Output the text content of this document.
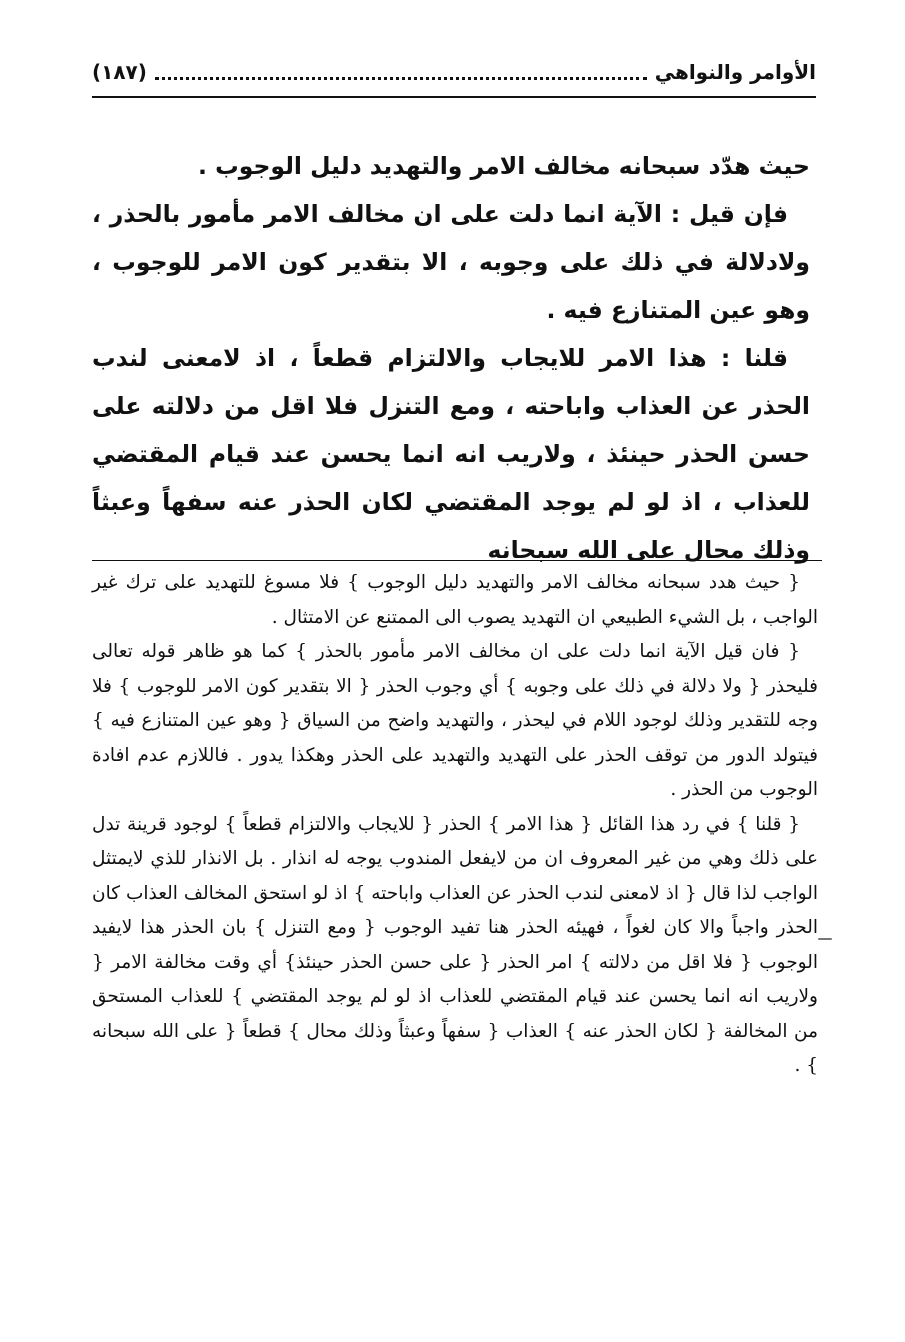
الأوامر والنواهي
(١٨٧)

حيث هدّد سبحانه مخالف الامر والتهديد دليل الوجوب .

فإن قيل : الآية انما دلت على ان مخالف الامر مأمور بالحذر ، ولادلالة في ذلك على وجوبه ، الا بتقدير كون الامر للوجوب ، وهو عين المتنازع فيه .

قلنا : هذا الامر للايجاب والالتزام قطعاً ، اذ لامعنى لندب الحذر عن العذاب واباحته ، ومع التنزل فلا اقل من دلالته على حسن الحذر حينئذ ، ولاريب انه انما يحسن عند قيام المقتضي للعذاب ، اذ لو لم يوجد المقتضي لكان الحذر عنه سفهاً وعبثاً وذلك محال على الله سبحانه

{ حيث هدد سبحانه مخالف الامر والتهديد دليل الوجوب } فلا مسوغ للتهديد على ترك غير الواجب ، بل الشيء الطبيعي ان التهديد يصوب الى الممتنع عن الامتثال .

{ فان قيل الآية انما دلت على ان مخالف الامر مأمور بالحذر } كما هو ظاهر قوله تعالى فليحذر { ولا دلالة في ذلك على وجوبه } أي وجوب الحذر { الا بتقدير كون الامر للوجوب } فلا وجه للتقدير وذلك لوجود اللام في ليحذر ، والتهديد واضح من السياق { وهو عين المتنازع فيه } فيتولد الدور من توقف الحذر على التهديد والتهديد على الحذر وهكذا يدور . فاللازم عدم افادة الوجوب من الحذر .

{ قلنا } في رد هذا القائل { هذا الامر } الحذر { للايجاب والالتزام قطعاً } لوجود قرينة تدل على ذلك وهي من غير المعروف ان من لايفعل المندوب يوجه له انذار . بل الانذار للذي لايمتثل الواجب لذا قال { اذ لامعنى لندب الحذر عن العذاب واباحته } اذ لو استحق المخالف العذاب كان الحذر واجباً والا كان لغواً ، فهيئه الحذر هنا تفيد الوجوب { ومع التنزل } بان الحذر هذا لايفيد الوجوب { فلا اقل من دلالته } امر الحذر { على حسن الحذر حينئذ} أي وقت مخالفة الامر { ولاريب انه انما يحسن عند قيام المقتضي للعذاب اذ لو لم يوجد المقتضي } للعذاب المستحق من المخالفة { لكان الحذر عنه } العذاب { سفهاً وعبثاً وذلك محال } قطعاً { على الله سبحانه } .
